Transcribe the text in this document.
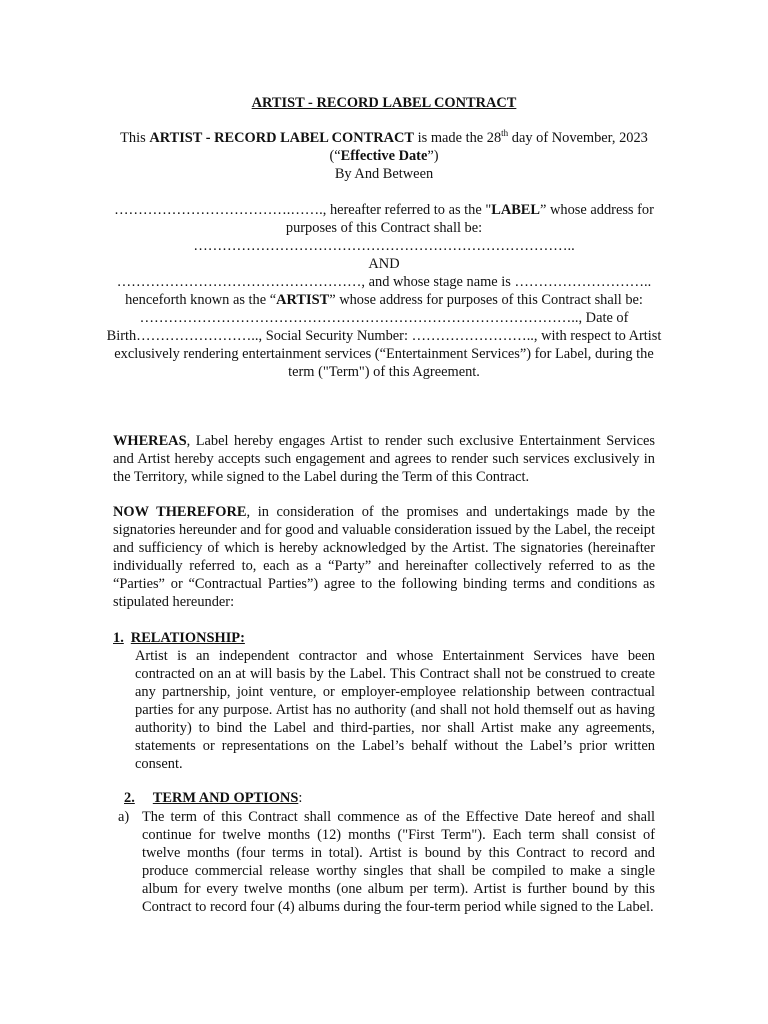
ARTIST - RECORD LABEL CONTRACT

This ARTIST - RECORD LABEL CONTRACT is made the 28th day of November, 2023 (“Effective Date”)

By And Between

……………………………….……., hereafter referred to as the "LABEL” whose address for purposes of this Contract shall be: ……………………………………………………………………..

AND

……………………………………………, and whose stage name is ……………………….. henceforth known as the “ARTIST” whose address for purposes of this Contract shall be: ……………………………………………………………………………….., Date of Birth…………………….., Social Security Number: …………………….., with respect to Artist exclusively rendering entertainment services (“Entertainment Services”) for Label, during the term ("Term") of this Agreement.

WHEREAS, Label hereby engages Artist to render such exclusive Entertainment Services and Artist hereby accepts such engagement and agrees to render such services exclusively in the Territory, while signed to the Label during the Term of this Contract.

NOW THEREFORE, in consideration of the promises and undertakings made by the signatories hereunder and for good and valuable consideration issued by the Label, the receipt and sufficiency of which is hereby acknowledged by the Artist. The signatories (hereinafter individually referred to, each as a “Party” and hereinafter collectively referred to as the “Parties” or “Contractual Parties”) agree to the following binding terms and conditions as stipulated hereunder:

1. RELATIONSHIP:

Artist is an independent contractor and whose Entertainment Services have been contracted on an at will basis by the Label. This Contract shall not be construed to create any partnership, joint venture, or employer-employee relationship between contractual parties for any purpose. Artist has no authority (and shall not hold themself out as having authority) to bind the Label and third-parties, nor shall Artist make any agreements, statements or representations on the Label’s behalf without the Label’s prior written consent.

2. TERM AND OPTIONS:

a) The term of this Contract shall commence as of the Effective Date hereof and shall continue for twelve months (12) months ("First Term"). Each term shall consist of twelve months (four terms in total). Artist is bound by this Contract to record and produce commercial release worthy singles that shall be compiled to make a single album for every twelve months (one album per term). Artist is further bound by this Contract to record four (4) albums during the four-term period while signed to the Label.
